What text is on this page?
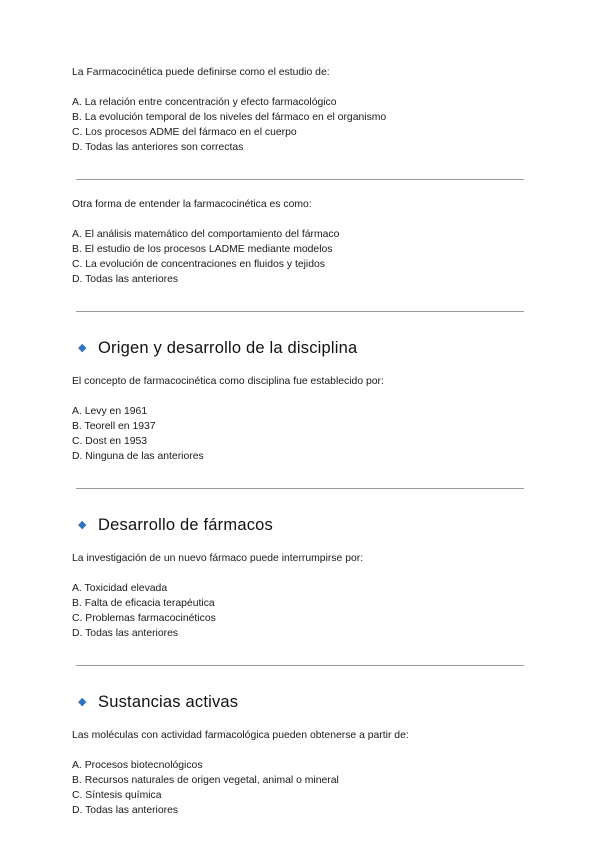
La Farmacocinética puede definirse como el estudio de:

A. La relación entre concentración y efecto farmacológico
B. La evolución temporal de los niveles del fármaco en el organismo
C. Los procesos ADME del fármaco en el cuerpo
D. Todas las anteriores son correctas

Otra forma de entender la farmacocinética es como:

A. El análisis matemático del comportamiento del fármaco
B. El estudio de los procesos LADME mediante modelos
C. La evolución de concentraciones en fluidos y tejidos
D. Todas las anteriores
◆ Origen y desarrollo de la disciplina

El concepto de farmacocinética como disciplina fue establecido por:

A. Levy en 1961
B. Teorell en 1937
C. Dost en 1953
D. Ninguna de las anteriores
◆ Desarrollo de fármacos

La investigación de un nuevo fármaco puede interrumpirse por:

A. Toxicidad elevada
B. Falta de eficacia terapéutica
C. Problemas farmacocinéticos
D. Todas las anteriores
◆ Sustancias activas

Las moléculas con actividad farmacológica pueden obtenerse a partir de:

A. Procesos biotecnológicos
B. Recursos naturales de origen vegetal, animal o mineral
C. Síntesis química
D. Todas las anteriores
